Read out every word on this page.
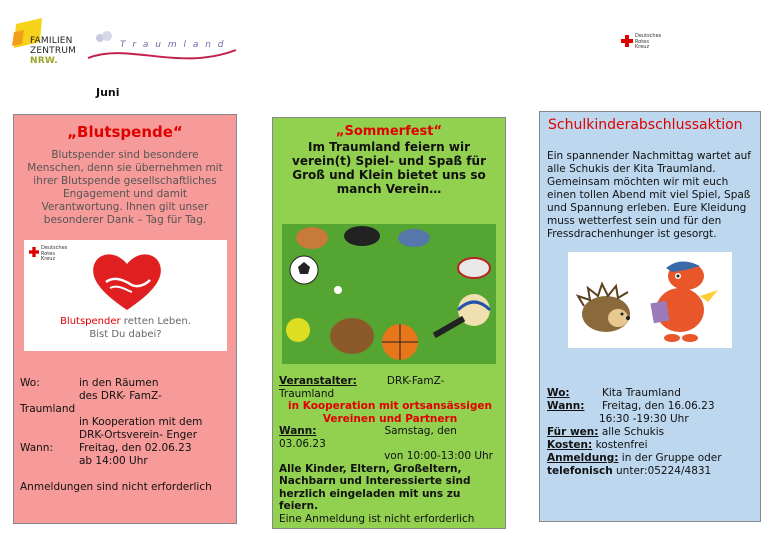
FAMILIEN
ZENTRUM
NRW.
T r a u m l a n d
Deutsches
Rotes
Kreuz
Juni
„Blutspende“
Blutspender sind besondere Menschen, denn sie übernehmen mit ihrer Blutspende gesellschaftliches Engagement und damit Verantwortung. Ihnen gilt unser besonderer Dank – Tag für Tag.
Deutsches
Rotes
Kreuz
Blutspender retten Leben.
Bist Du dabei?
Wo:	in den Räumen
des DRK- FamZ-
Traumland
in Kooperation mit dem
DRK-Ortsverein- Enger
Wann: Freitag, den 02.06.23
ab 14:00 Uhr
Anmeldungen sind nicht erforderlich
„Sommerfest“
Im Traumland feiern wir verein(t) Spiel- und Spaß für Groß und Klein bietet uns so manch Verein…
Veranstalter:	DRK-FamZ-
Traumland
in Kooperation mit ortsansässigen Vereinen und Partnern
Wann:	Samstag, den
03.06.23
von 10:00-13:00 Uhr
Alle Kinder, Eltern, Großeltern, Nachbarn und Interessierte sind herzlich eingeladen mit uns zu feiern.
Eine Anmeldung ist nicht erforderlich
Schulkinderabschlussaktion
Ein spannender Nachmittag wartet auf alle Schukis der Kita Traumland. Gemeinsam möchten wir mit euch einen tollen Abend mit viel Spiel, Spaß und Spannung erleben. Eure Kleidung muss wetterfest sein und für den Fressdrachenhunger ist gesorgt.
Wo:	Kita Traumland
Wann: Freitag, den 16.06.23
16:30 -19:30 Uhr
Für wen: alle Schukis
Kosten: kostenfrei
Anmeldung: in der Gruppe oder
telefonisch unter:05224/4831
